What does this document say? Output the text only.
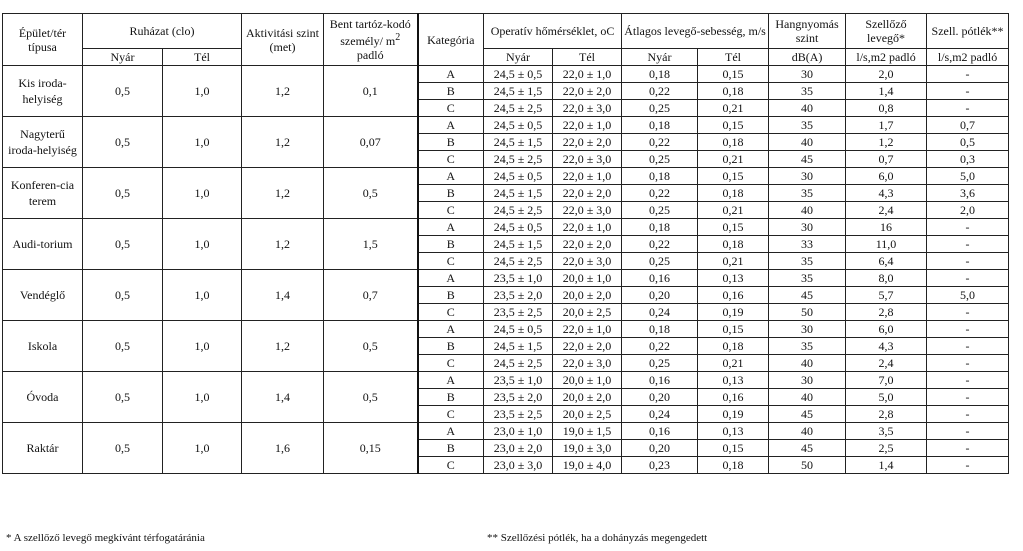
Épület/tér típusa	Ruházat (clo)		Aktivitási szint (met)	Bent tartóz-kodó személy/ $m^2$ padló	Kategória	Operatív hőmérséklet, oC		Átlagos levegő-sebesség, m/s		Hangnyomás szint	Szellőző levegő*	Szell. pótlék**
	Nyár	Tél				Nyár	Tél	Nyár	Tél	dB(A)	l/s,m2 padló	l/s,m2 padló
Kis iroda-helyiség	0,5	1,0	1,2	0,1	A	24,5 ± 0,5	22,0 ± 1,0	0,18	0,15	30	2,0	-
					B	24,5 ± 1,5	22,0 ± 2,0	0,22	0,18	35	1,4	-
					C	24,5 ± 2,5	22,0 ± 3,0	0,25	0,21	40	0,8	-
Nagyterű iroda-helyiség	0,5	1,0	1,2	0,07	A	24,5 ± 0,5	22,0 ± 1,0	0,18	0,15	35	1,7	0,7
					B	24,5 ± 1,5	22,0 ± 2,0	0,22	0,18	40	1,2	0,5
					C	24,5 ± 2,5	22,0 ± 3,0	0,25	0,21	45	0,7	0,3
Konferen-cia terem	0,5	1,0	1,2	0,5	A	24,5 ± 0,5	22,0 ± 1,0	0,18	0,15	30	6,0	5,0
					B	24,5 ± 1,5	22,0 ± 2,0	0,22	0,18	35	4,3	3,6
					C	24,5 ± 2,5	22,0 ± 3,0	0,25	0,21	40	2,4	2,0
Audi-torium	0,5	1,0	1,2	1,5	A	24,5 ± 0,5	22,0 ± 1,0	0,18	0,15	30	16	-
					B	24,5 ± 1,5	22,0 ± 2,0	0,22	0,18	33	11,0	-
					C	24,5 ± 2,5	22,0 ± 3,0	0,25	0,21	35	6,4	-
Vendéglő	0,5	1,0	1,4	0,7	A	23,5 ± 1,0	20,0 ± 1,0	0,16	0,13	35	8,0	-
					B	23,5 ± 2,0	20,0 ± 2,0	0,20	0,16	45	5,7	5,0
					C	23,5 ± 2,5	20,0 ± 2,5	0,24	0,19	50	2,8	-
Iskola	0,5	1,0	1,2	0,5	A	24,5 ± 0,5	22,0 ± 1,0	0,18	0,15	30	6,0	-
					B	24,5 ± 1,5	22,0 ± 2,0	0,22	0,18	35	4,3	-
					C	24,5 ± 2,5	22,0 ± 3,0	0,25	0,21	40	2,4	-
Óvoda	0,5	1,0	1,4	0,5	A	23,5 ± 1,0	20,0 ± 1,0	0,16	0,13	30	7,0	-
					B	23,5 ± 2,0	20,0 ± 2,0	0,20	0,16	40	5,0	-
					C	23,5 ± 2,5	20,0 ± 2,5	0,24	0,19	45	2,8	-
Raktár	0,5	1,0	1,6	0,15	A	23,0 ± 1,0	19,0 ± 1,5	0,16	0,13	40	3,5	-
					B	23,0 ± 2,0	19,0 ± 3,0	0,20	0,15	45	2,5	-
					C	23,0 ± 3,0	19,0 ± 4,0	0,23	0,18	50	1,4	-
* A szellőző levegő megkívánt térfogatáránia	** Szellőzési pótlék, ha a dohányzás megengedett
